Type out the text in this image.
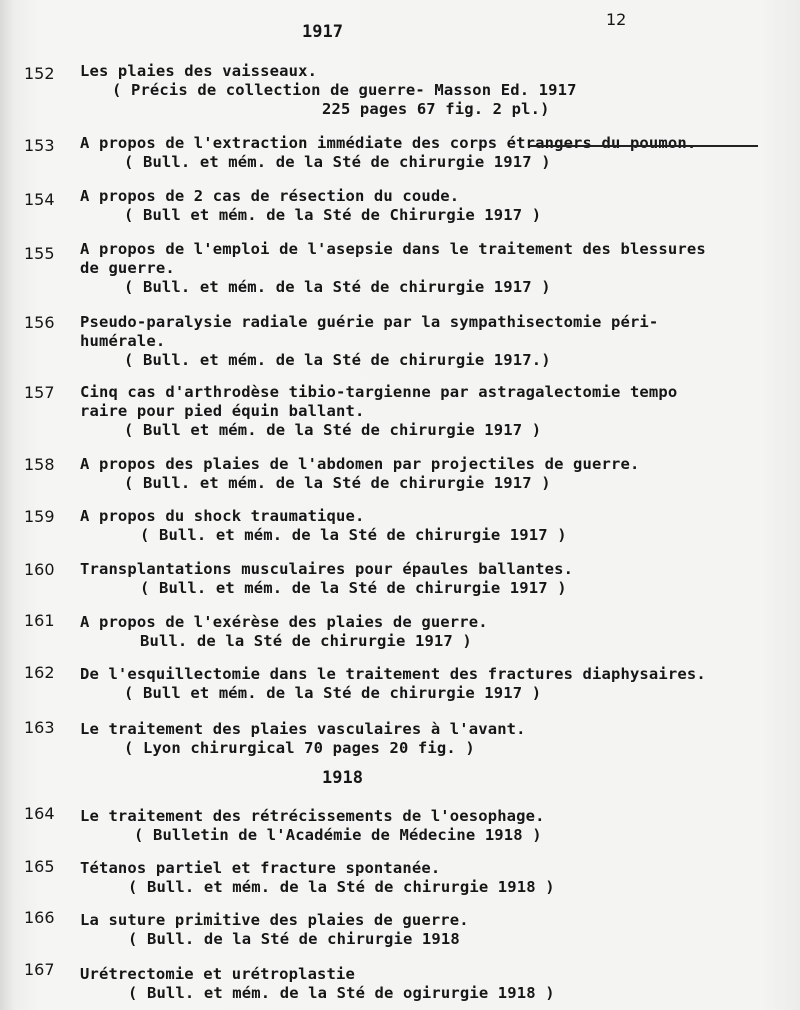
12
1917
1918
152 Les plaies des vaisseaux.
( Précis de collection de guerre- Masson Ed. 1917
225 pages 67 fig. 2 pl.)
153 A propos de l'extraction immédiate des corps étrangers du poumon.
( Bull. et mém. de la Sté de chirurgie 1917 )
154 A propos de 2 cas de résection du coude.
( Bull et mém. de la Sté de Chirurgie 1917 )
155 A propos de l'emploi de l'asepsie dans le traitement des blessures
de guerre.
( Bull. et mém. de la Sté de chirurgie 1917 )
156 Pseudo-paralysie radiale guérie par la sympathisectomie péri-
humérale.
( Bull. et mém. de la Sté de chirurgie 1917.)
157 Cinq cas d'arthrodèse tibio-targienne par astragalectomie tempo
raire pour pied équin ballant.
( Bull et mém. de la Sté de chirurgie 1917 )
158 A propos des plaies de l'abdomen par projectiles de guerre.
( Bull. et mém. de la Sté de chirurgie 1917 )
159 A propos du shock traumatique.
( Bull. et mém. de la Sté de chirurgie 1917 )
160 Transplantations musculaires pour épaules ballantes.
( Bull. et mém. de la Sté de chirurgie 1917 )
161 A propos de l'exérèse des plaies de guerre.
Bull. de la Sté de chirurgie 1917 )
162 De l'esquillectomie dans le traitement des fractures diaphysaires.
( Bull et mém. de la Sté de chirurgie 1917 )
163 Le traitement des plaies vasculaires à l'avant.
( Lyon chirurgical 70 pages 20 fig. )
164 Le traitement des rétrécissements de l'oesophage.
( Bulletin de l'Académie de Médecine 1918 )
165 Tétanos partiel et fracture spontanée.
( Bull. et mém. de la Sté de chirurgie 1918 )
166 La suture primitive des plaies de guerre.
( Bull. de la Sté de chirurgie 1918
167 Urétrectomie et urétroplastie
( Bull. et mém. de la Sté de ogirurgie 1918 )
